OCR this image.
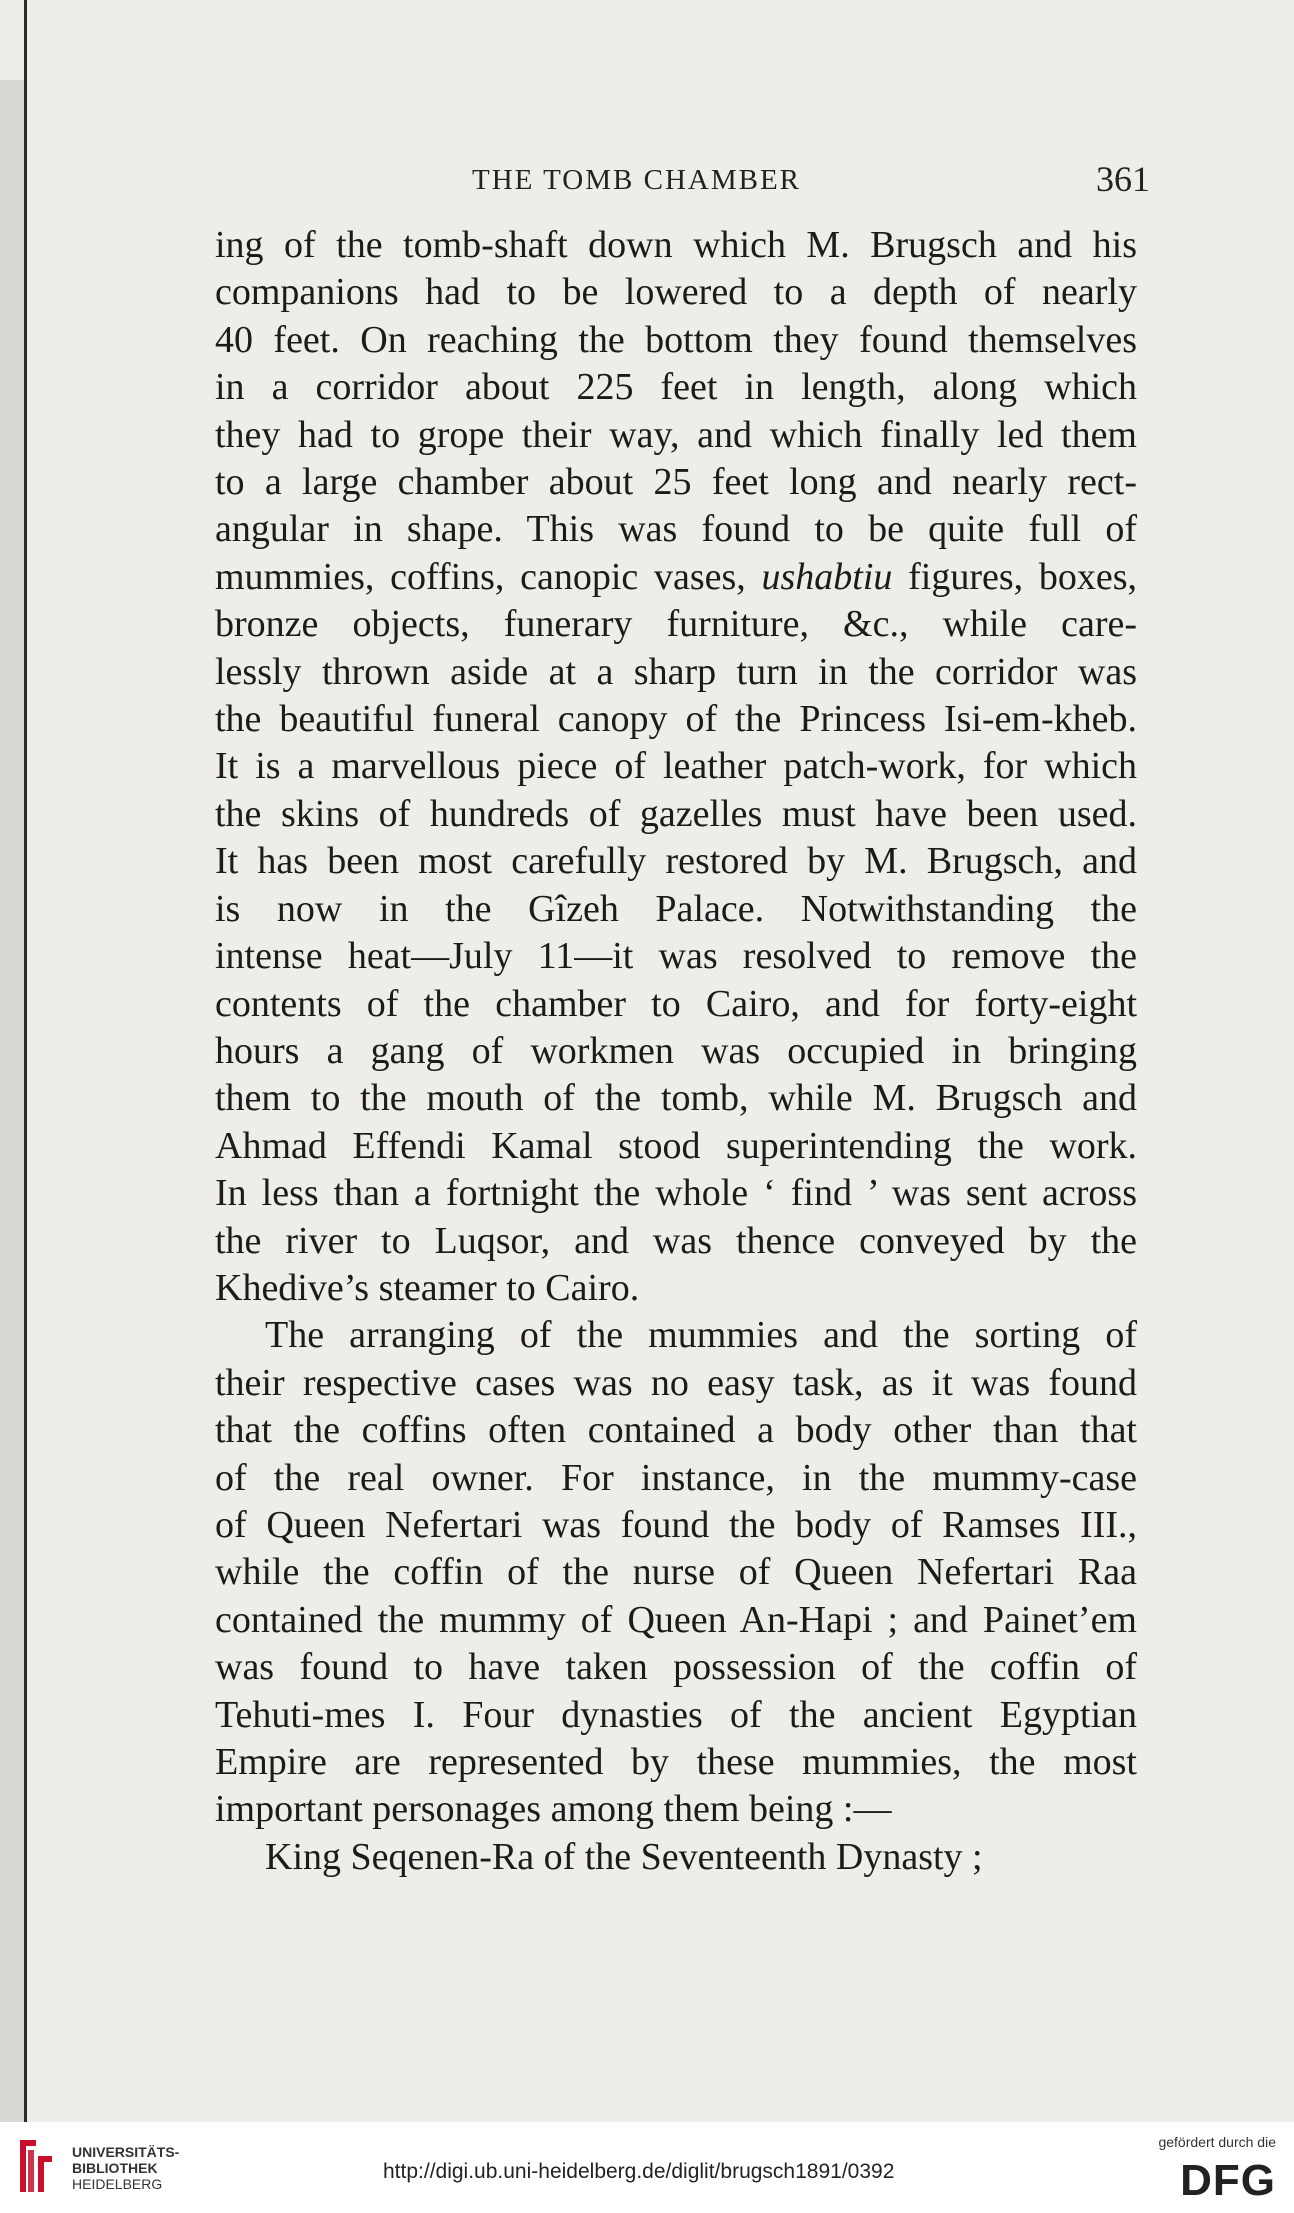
THE TOMB CHAMBER	361
ing of the tomb-shaft down which M. Brugsch and his
companions had to be lowered to a depth of nearly
40 feet. On reaching the bottom they found themselves
in a corridor about 225 feet in length, along which
they had to grope their way, and which finally led them
to a large chamber about 25 feet long and nearly rect-
angular in shape. This was found to be quite full of
mummies, coffins, canopic vases, ushabtiu figures, boxes,
bronze objects, funerary furniture, &c., while care-
lessly thrown aside at a sharp turn in the corridor was
the beautiful funeral canopy of the Princess Isi-em-kheb.
It is a marvellous piece of leather patch-work, for which
the skins of hundreds of gazelles must have been used.
It has been most carefully restored by M. Brugsch, and
is now in the Gîzeh Palace. Notwithstanding the
intense heat—July 11—it was resolved to remove the
contents of the chamber to Cairo, and for forty-eight
hours a gang of workmen was occupied in bringing
them to the mouth of the tomb, while M. Brugsch and
Ahmad Effendi Kamal stood superintending the work.
In less than a fortnight the whole ‘ find ’ was sent across
the river to Luqsor, and was thence conveyed by the
Khedive’s steamer to Cairo.
The arranging of the mummies and the sorting of
their respective cases was no easy task, as it was found
that the coffins often contained a body other than that
of the real owner. For instance, in the mummy-case
of Queen Nefertari was found the body of Ramses III.,
while the coffin of the nurse of Queen Nefertari Raa
contained the mummy of Queen An-Hapi ; and Painet’em
was found to have taken possession of the coffin of
Tehuti-mes I. Four dynasties of the ancient Egyptian
Empire are represented by these mummies, the most
important personages among them being :—
King Seqenen-Ra of the Seventeenth Dynasty ;
UNIVERSITÄTS-
BIBLIOTHEK
HEIDELBERG
http://digi.ub.uni-heidelberg.de/diglit/brugsch1891/0392
gefördert durch die
DFG
